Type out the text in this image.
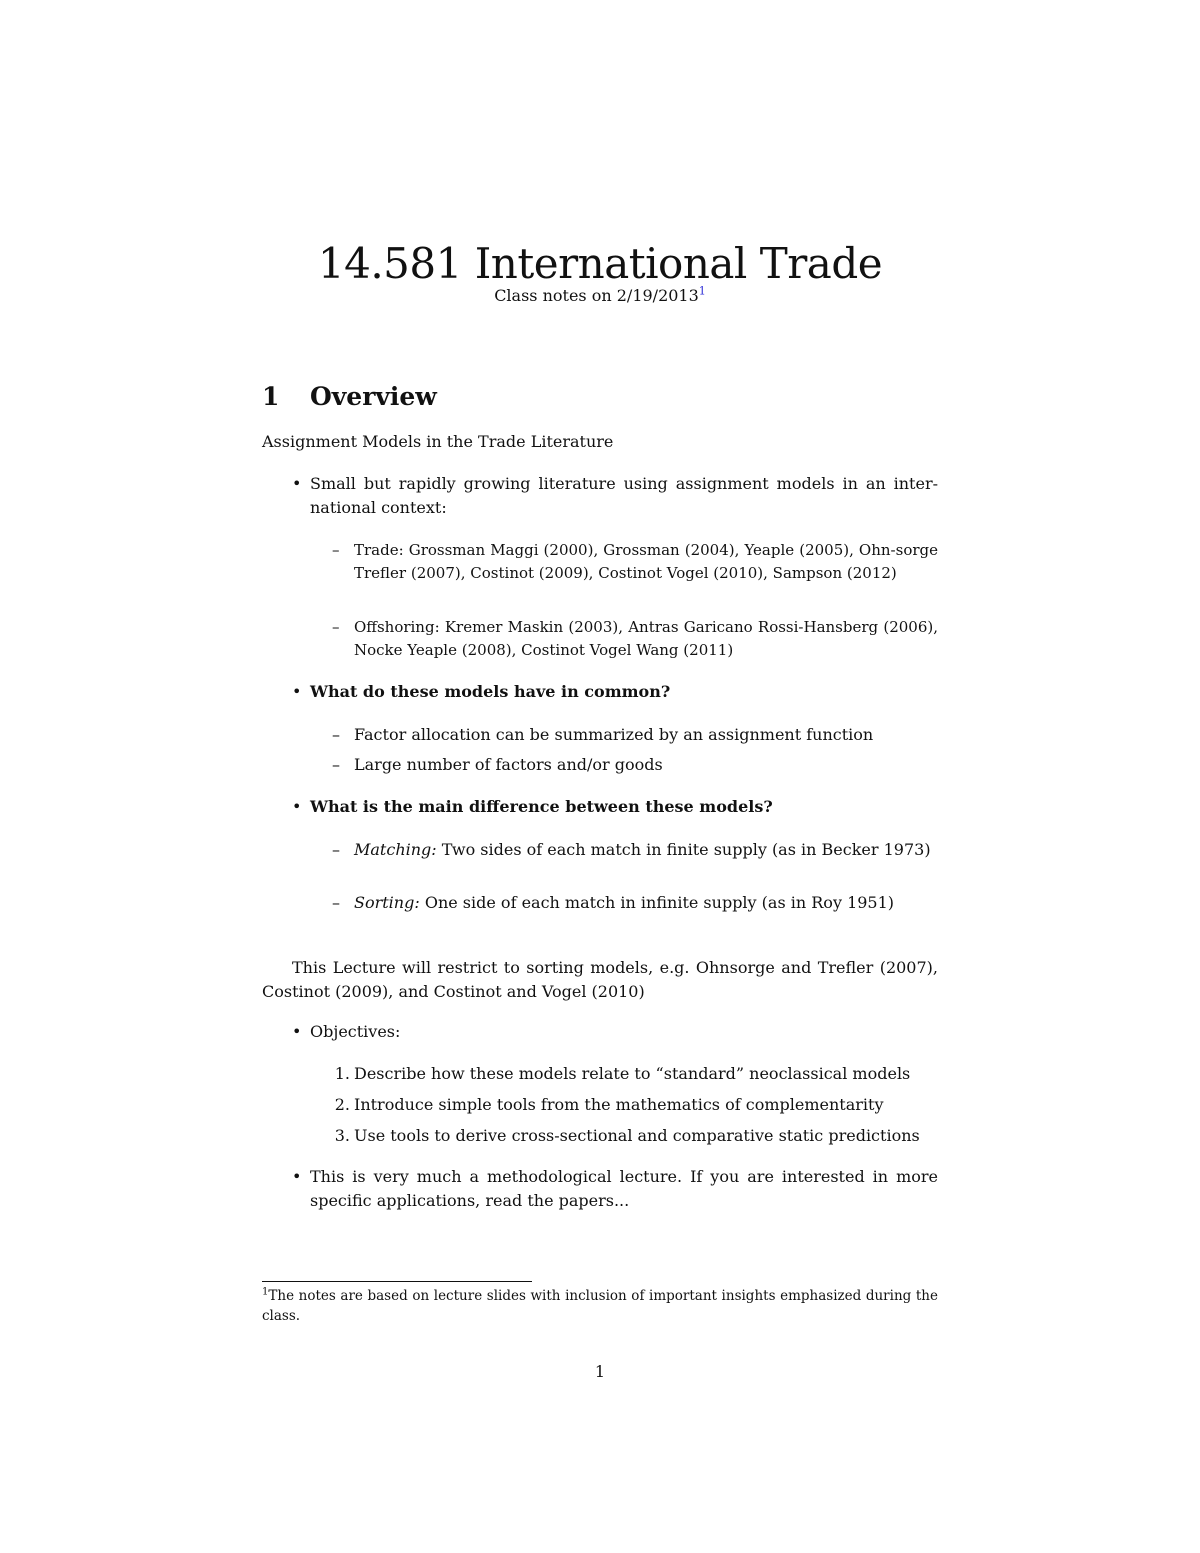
14.581 International Trade
Class notes on 2/19/2013$^1$
1 Overview
Assignment Models in the Trade Literature
• Small but rapidly growing literature using assignment models in an inter-national context:
– Trade: Grossman Maggi (2000), Grossman (2004), Yeaple (2005), Ohn-sorge Trefler (2007), Costinot (2009), Costinot Vogel (2010), Sampson (2012)
– Offshoring: Kremer Maskin (2003), Antras Garicano Rossi-Hansberg (2006), Nocke Yeaple (2008), Costinot Vogel Wang (2011)
• What do these models have in common?
– Factor allocation can be summarized by an assignment function
– Large number of factors and/or goods
• What is the main difference between these models?
– Matching: Two sides of each match in finite supply (as in Becker 1973)
– Sorting: One side of each match in infinite supply (as in Roy 1951)
This Lecture will restrict to sorting models, e.g. Ohnsorge and Trefler (2007), Costinot (2009), and Costinot and Vogel (2010)
• Objectives:
1. Describe how these models relate to “standard” neoclassical models
2. Introduce simple tools from the mathematics of complementarity
3. Use tools to derive cross-sectional and comparative static predictions
• This is very much a methodological lecture. If you are interested in more specific applications, read the papers...
$^1$The notes are based on lecture slides with inclusion of important insights emphasized during the class.
1
